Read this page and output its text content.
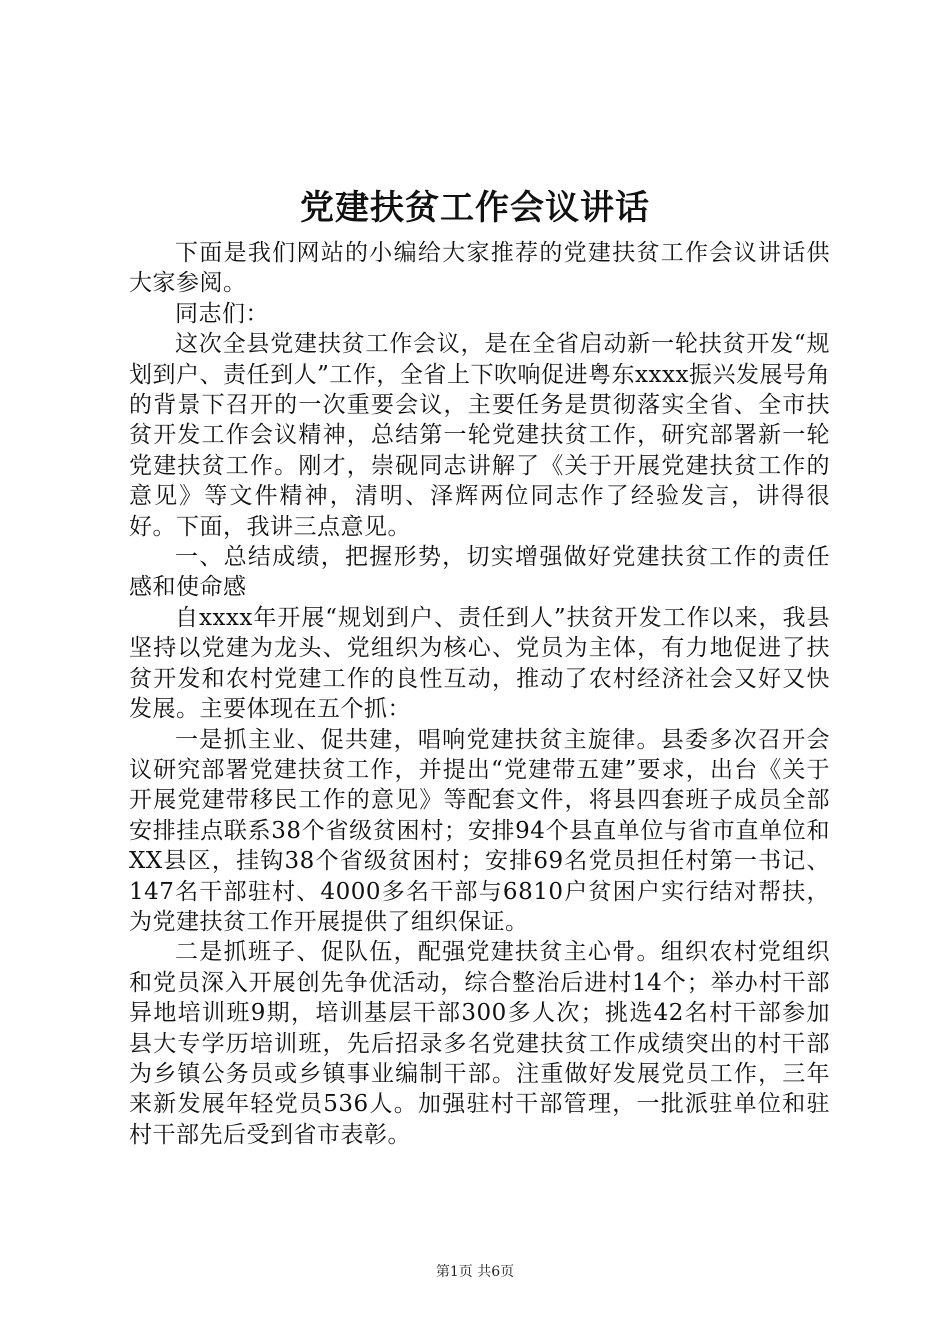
党建扶贫工作会议讲话

下面是我们网站的小编给大家推荐的党建扶贫工作会议讲话供大家参阅。

同志们：

这次全县党建扶贫工作会议，是在全省启动新一轮扶贫开发“规划到户、责任到人”工作，全省上下吹响促进粤东xxxx振兴发展号角的背景下召开的一次重要会议，主要任务是贯彻落实全省、全市扶贫开发工作会议精神，总结第一轮党建扶贫工作，研究部署新一轮党建扶贫工作。刚才，崇砚同志讲解了《关于开展党建扶贫工作的意见》等文件精神，清明、泽辉两位同志作了经验发言，讲得很好。下面，我讲三点意见。

一、总结成绩，把握形势，切实增强做好党建扶贫工作的责任感和使命感

自xxxx年开展“规划到户、责任到人”扶贫开发工作以来，我县坚持以党建为龙头、党组织为核心、党员为主体，有力地促进了扶贫开发和农村党建工作的良性互动，推动了农村经济社会又好又快发展。主要体现在五个抓：

一是抓主业、促共建，唱响党建扶贫主旋律。县委多次召开会议研究部署党建扶贫工作，并提出“党建带五建”要求，出台《关于开展党建带移民工作的意见》等配套文件，将县四套班子成员全部安排挂点联系38个省级贫困村；安排94个县直单位与省市直单位和XX县区，挂钩38个省级贫困村；安排69名党员担任村第一书记、147名干部驻村、4000多名干部与6810户贫困户实行结对帮扶，为党建扶贫工作开展提供了组织保证。

二是抓班子、促队伍，配强党建扶贫主心骨。组织农村党组织和党员深入开展创先争优活动，综合整治后进村14个；举办村干部异地培训班9期，培训基层干部300多人次；挑选42名村干部参加县大专学历培训班，先后招录多名党建扶贫工作成绩突出的村干部为乡镇公务员或乡镇事业编制干部。注重做好发展党员工作，三年来新发展年轻党员536人。加强驻村干部管理，一批派驻单位和驻村干部先后受到省市表彰。

第1页 共6页
